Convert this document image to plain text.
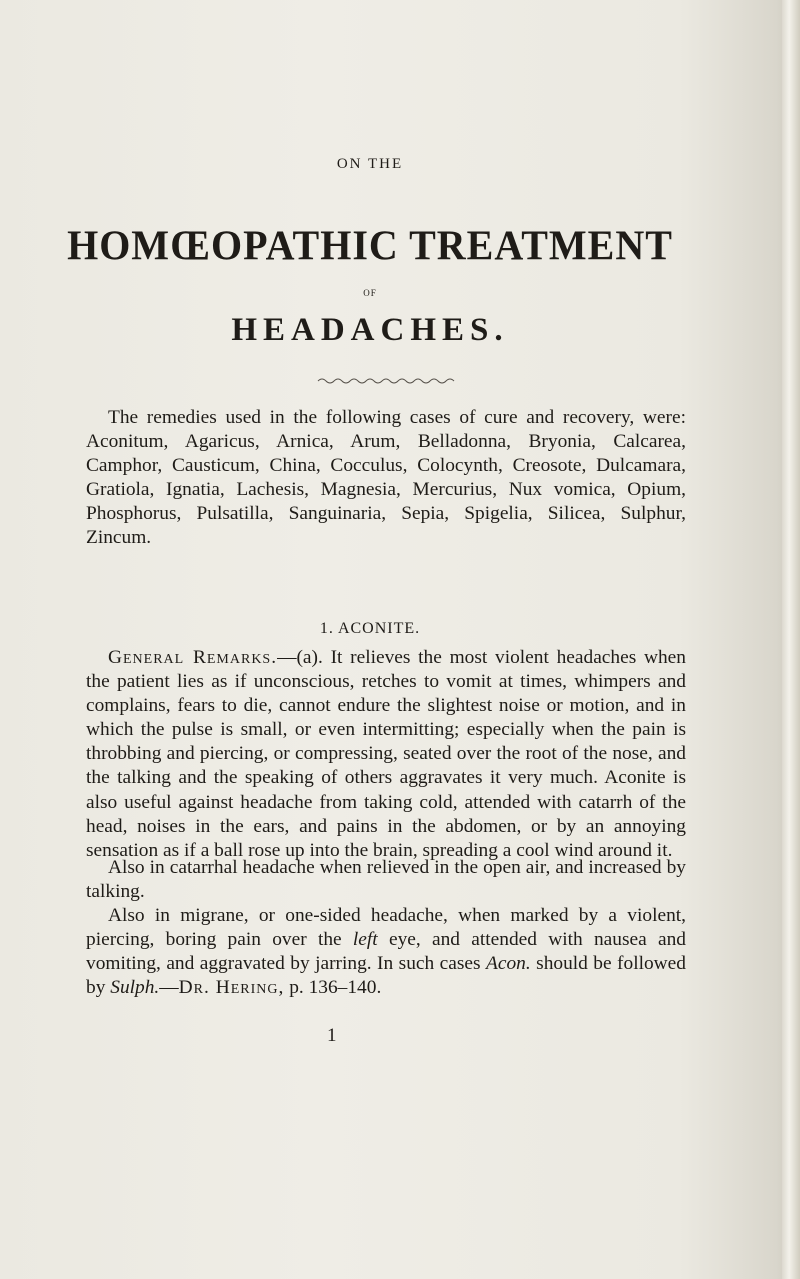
ON THE
HOMŒOPATHIC TREATMENT
OF
HEADACHES.
The remedies used in the following cases of cure and recovery, were: Aconitum, Agaricus, Arnica, Arum, Belladonna, Bryonia, Calcarea, Camphor, Causticum, China, Cocculus, Colocynth, Creosote, Dulcamara, Gratiola, Ignatia, Lachesis, Magnesia, Mercurius, Nux vomica, Opium, Phosphorus, Pulsatilla, Sanguinaria, Sepia, Spigelia, Silicea, Sulphur, Zincum.
1. ACONITE.
General Remarks.—(a). It relieves the most violent headaches when the patient lies as if unconscious, retches to vomit at times, whimpers and complains, fears to die, cannot endure the slightest noise or motion, and in which the pulse is small, or even intermitting; especially when the pain is throbbing and piercing, or compressing, seated over the root of the nose, and the talking and the speaking of others aggravates it very much. Aconite is also useful against headache from taking cold, attended with catarrh of the head, noises in the ears, and pains in the abdomen, or by an annoying sensation as if a ball rose up into the brain, spreading a cool wind around it.
Also in catarrhal headache when relieved in the open air, and increased by talking.
Also in migrane, or one-sided headache, when marked by a violent, piercing, boring pain over the left eye, and attended with nausea and vomiting, and aggravated by jarring. In such cases Acon. should be followed by Sulph.—Dr. Hering, p. 136–140.
1
